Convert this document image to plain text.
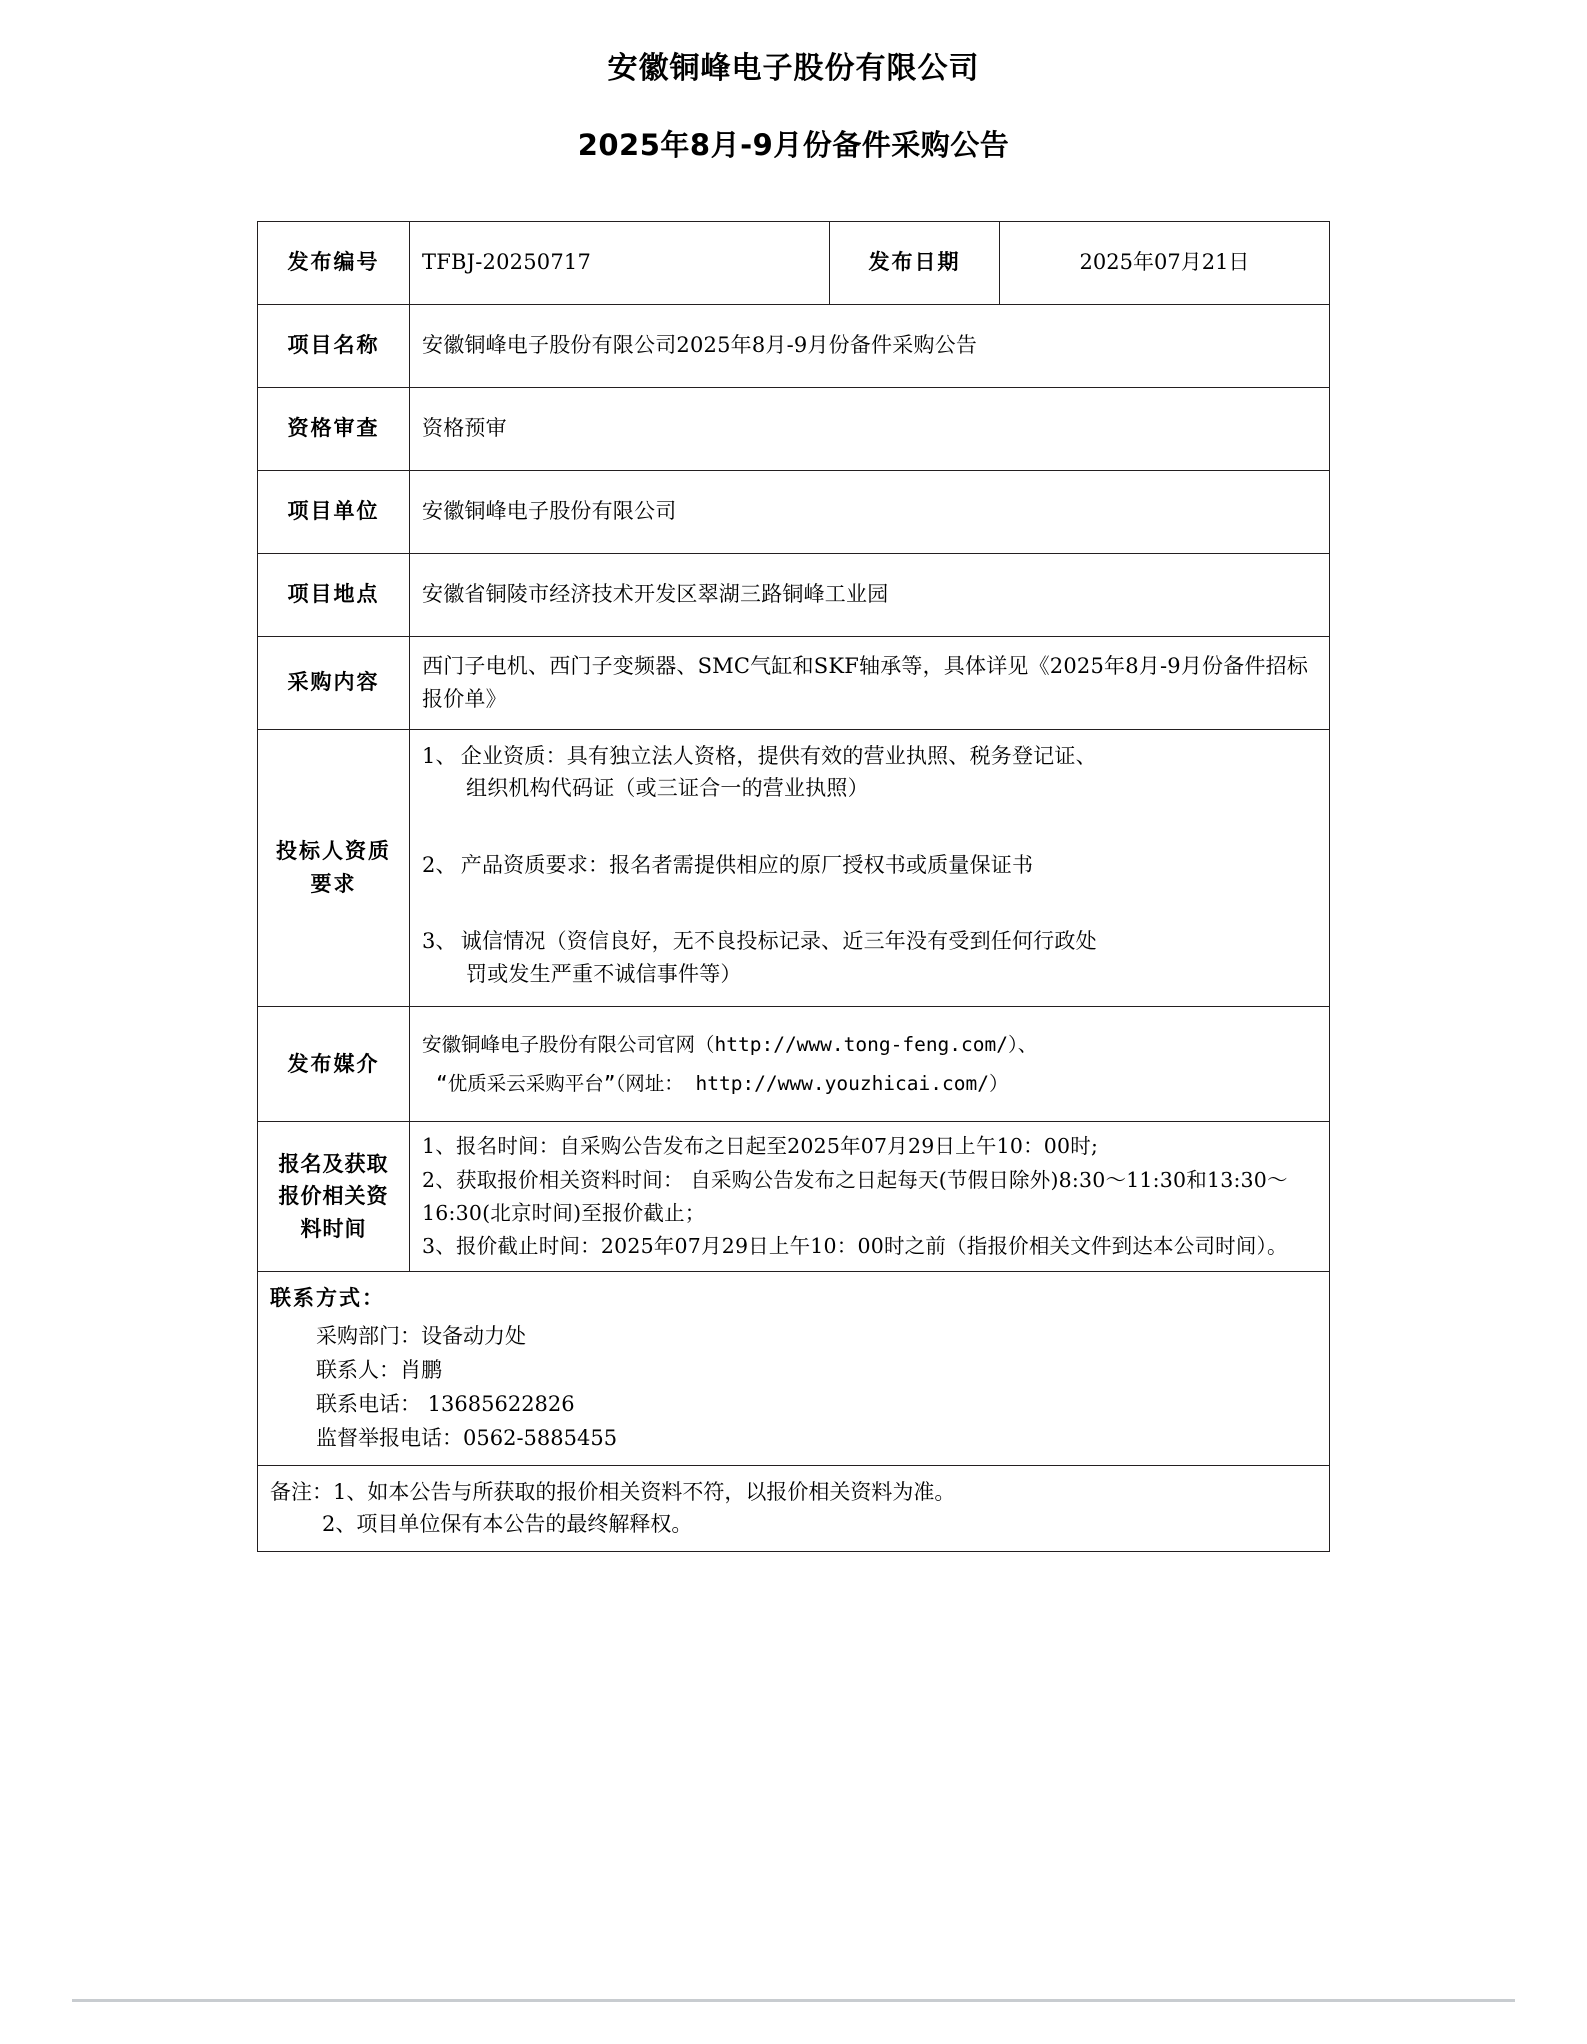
安徽铜峰电子股份有限公司
2025年8月-9月份备件采购公告
发布编号	TFBJ-20250717	发布日期	2025年07月21日
项目名称	安徽铜峰电子股份有限公司2025年8月-9月份备件采购公告		
资格审查	资格预审		
项目单位	安徽铜峰电子股份有限公司		
项目地点	安徽省铜陵市经济技术开发区翠湖三路铜峰工业园		
采购内容	西门子电机、西门子变频器、SMC气缸和SKF轴承等，具体详见《2025年8月-9月份备件招标报价单》		
投标人资质要求	1、 企业资质：具有独立法人资格，提供有效的营业执照、税务登记证、
组织机构代码证（或三证合一的营业执照）
2、 产品资质要求：报名者需提供相应的原厂授权书或质量保证书
3、 诚信情况（资信良好，无不良投标记录、近三年没有受到任何行政处
罚或发生严重不诚信事件等）		

发布媒介	安徽铜峰电子股份有限公司官网（http://www.tong-feng.com/）、
“优质采云采购平台”（网址： http://www.youzhicai.com/）		

报名及获取报价相关资料时间	1、报名时间：自采购公告发布之日起至2025年07月29日上午10：00时;
2、获取报价相关资料时间： 自采购公告发布之日起每天(节假日除外)8:30～11:30和13:30～16:30(北京时间)至报价截止；
3、报价截止时间：2025年07月29日上午10：00时之前（指报价相关文件到达本公司时间）。		

联系方式：
采购部门：设备动力处
联系人：肖鹏
联系电话： 13685622826
监督举报电话：0562-5885455			

备注：1、如本公告与所获取的报价相关资料不符，以报价相关资料为准。
2、项目单位保有本公告的最终解释权。			
